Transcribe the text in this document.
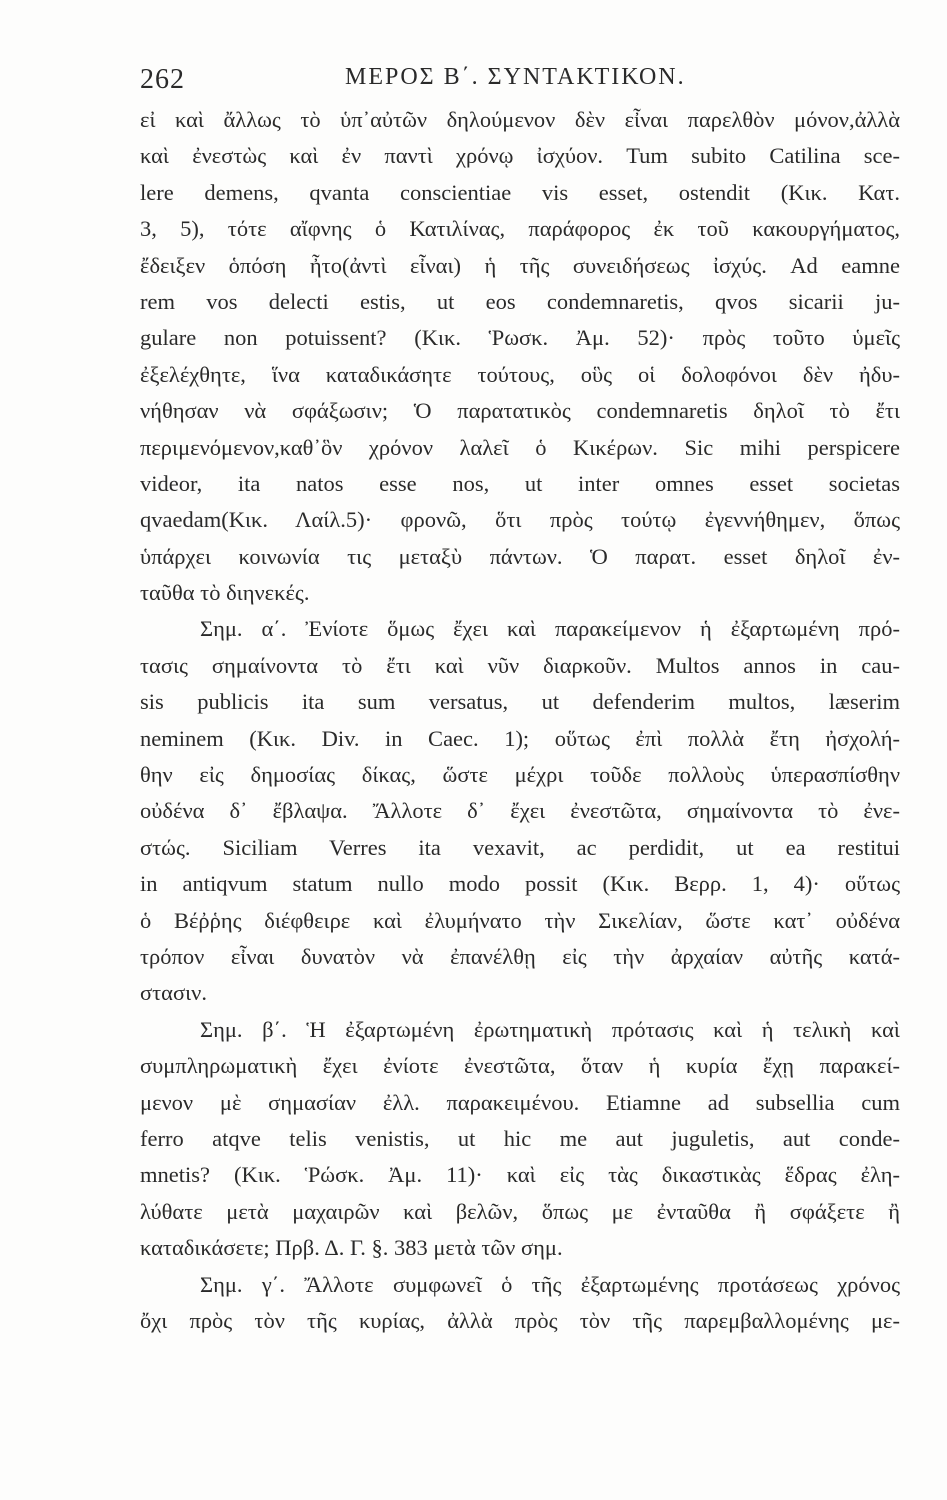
262	ΜΕΡΟΣ Β΄. ΣΥΝΤΑΚΤΙΚΟΝ.
εἰ καὶ ἄλλως τὸ ὑπ᾽αὐτῶν δηλούμενον δὲν εἶναι παρελθὸν μόνον,ἀλλὰ
καὶ ἐνεστὼς καὶ ἐν παντὶ χρόνῳ ἰσχύον. Tum subito Catilina sce-
lere demens, qvanta conscientiae vis esset, ostendit (Κικ. Κατ.
3, 5), τότε αἴφνης ὁ Κατιλίνας, παράφορος ἐκ τοῦ κακουργήματος,
ἔδειξεν ὁπόση ἦτο(ἀντὶ εἶναι) ἡ τῆς συνειδήσεως ἰσχύς. Ad eamne
rem vos delecti estis, ut eos condemnaretis, qvos sicarii ju-
gulare non potuissent? (Κικ. Ῥωσκ. Ἀμ. 52)· πρὸς τοῦτο ὑμεῖς
ἐξελέχθητε, ἵνα καταδικάσητε τούτους, οὓς οἱ δολοφόνοι δὲν ἠδυ-
νήθησαν νὰ σφάξωσιν; Ὁ παρατατικὸς condemnaretis δηλοῖ τὸ ἔτι
περιμενόμενον,καθ᾽ὃν χρόνον λαλεῖ ὁ Κικέρων. Sic mihi perspicere
videor, ita natos esse nos, ut inter omnes esset societas
qvaedam(Κικ. Λαίλ.5)· φρονῶ, ὅτι πρὸς τούτῳ ἐγεννήθημεν, ὅπως
ὑπάρχει κοινωνία τις μεταξὺ πάντων. Ὁ παρατ. esset δηλοῖ ἐν-
ταῦθα τὸ διηνεκές.
Σημ. α΄. Ἐνίοτε ὅμως ἔχει καὶ παρακείμενον ἡ ἐξαρτωμένη πρό-
τασις σημαίνοντα τὸ ἔτι καὶ νῦν διαρκοῦν. Multos annos in cau-
sis publicis ita sum versatus, ut defenderim multos, læserim
neminem (Κικ. Div. in Caec. 1); οὕτως ἐπὶ πολλὰ ἔτη ἠσχολή-
θην εἰς δημοσίας δίκας, ὥστε μέχρι τοῦδε πολλοὺς ὑπερασπίσθην
οὐδένα δ᾽ ἔβλαψα. Ἄλλοτε δ᾽ ἔχει ἐνεστῶτα, σημαίνοντα τὸ ἐνε-
στώς. Siciliam Verres ita vexavit, ac perdidit, ut ea restitui
in antiqvum statum nullo modo possit (Κικ. Βερρ. 1, 4)· οὕτως
ὁ Βέῤῥης διέφθειρε καὶ ἐλυμήνατο τὴν Σικελίαν, ὥστε κατ᾽ οὐδένα
τρόπον εἶναι δυνατὸν νὰ ἐπανέλθῃ εἰς τὴν ἀρχαίαν αὐτῆς κατά-
στασιν.
Σημ. β΄. Ἡ ἐξαρτωμένη ἐρωτηματικὴ πρότασις καὶ ἡ τελικὴ καὶ
συμπληρωματικὴ ἔχει ἐνίοτε ἐνεστῶτα, ὅταν ἡ κυρία ἔχῃ παρακεί-
μενον μὲ σημασίαν ἐλλ. παρακειμένου. Etiamne ad subsellia cum
ferro atqve telis venistis, ut hic me aut juguletis, aut conde-
mnetis? (Κικ. Ῥώσκ. Ἀμ. 11)· καὶ εἰς τὰς δικαστικὰς ἕδρας ἐλη-
λύθατε μετὰ μαχαιρῶν καὶ βελῶν, ὅπως με ἐνταῦθα ἢ σφάξετε ἢ
καταδικάσετε; Πρβ. Δ. Γ. §. 383 μετὰ τῶν σημ.
Σημ. γ΄. Ἄλλοτε συμφωνεῖ ὁ τῆς ἐξαρτωμένης προτάσεως χρόνος
ὄχι πρὸς τὸν τῆς κυρίας, ἀλλὰ πρὸς τὸν τῆς παρεμβαλλομένης με-
